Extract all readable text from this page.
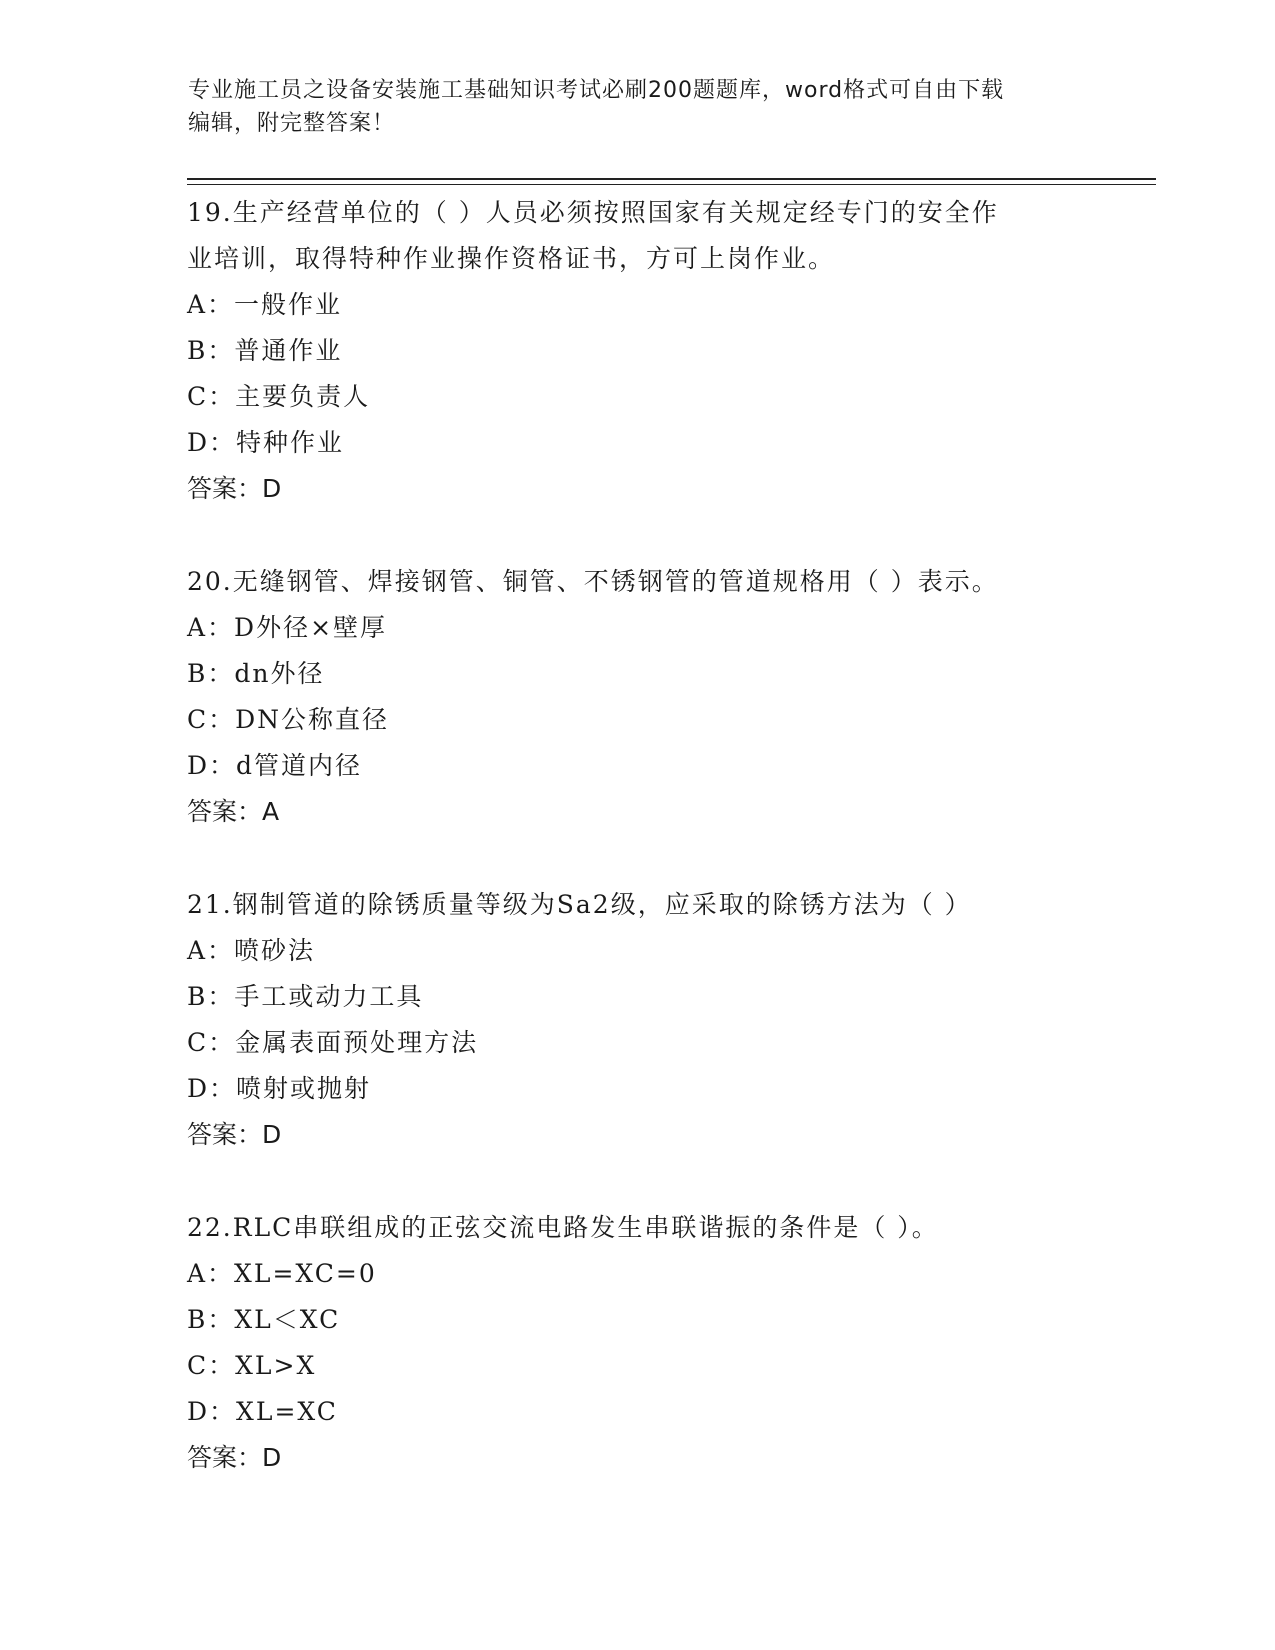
专业施工员之设备安装施工基础知识考试必刷200题题库，word格式可自由下载
编辑，附完整答案！

19.生产经营单位的（ ）人员必须按照国家有关规定经专门的安全作

业培训，取得特种作业操作资格证书，方可上岗作业。

A：一般作业

B：普通作业

C：主要负责人

D：特种作业

答案：D

20.无缝钢管、焊接钢管、铜管、不锈钢管的管道规格用（ ）表示。

A：D外径×壁厚

B：dn外径

C：DN公称直径

D：d管道内径

答案：A

21.钢制管道的除锈质量等级为Sa2级，应采取的除锈方法为（ ）

A：喷砂法

B：手工或动力工具

C：金属表面预处理方法

D：喷射或抛射

答案：D

22.RLC串联组成的正弦交流电路发生串联谐振的条件是（ ）。

A：XL=XC=0

B：XL＜XC

C：XL>X

D：XL=XC

答案：D
